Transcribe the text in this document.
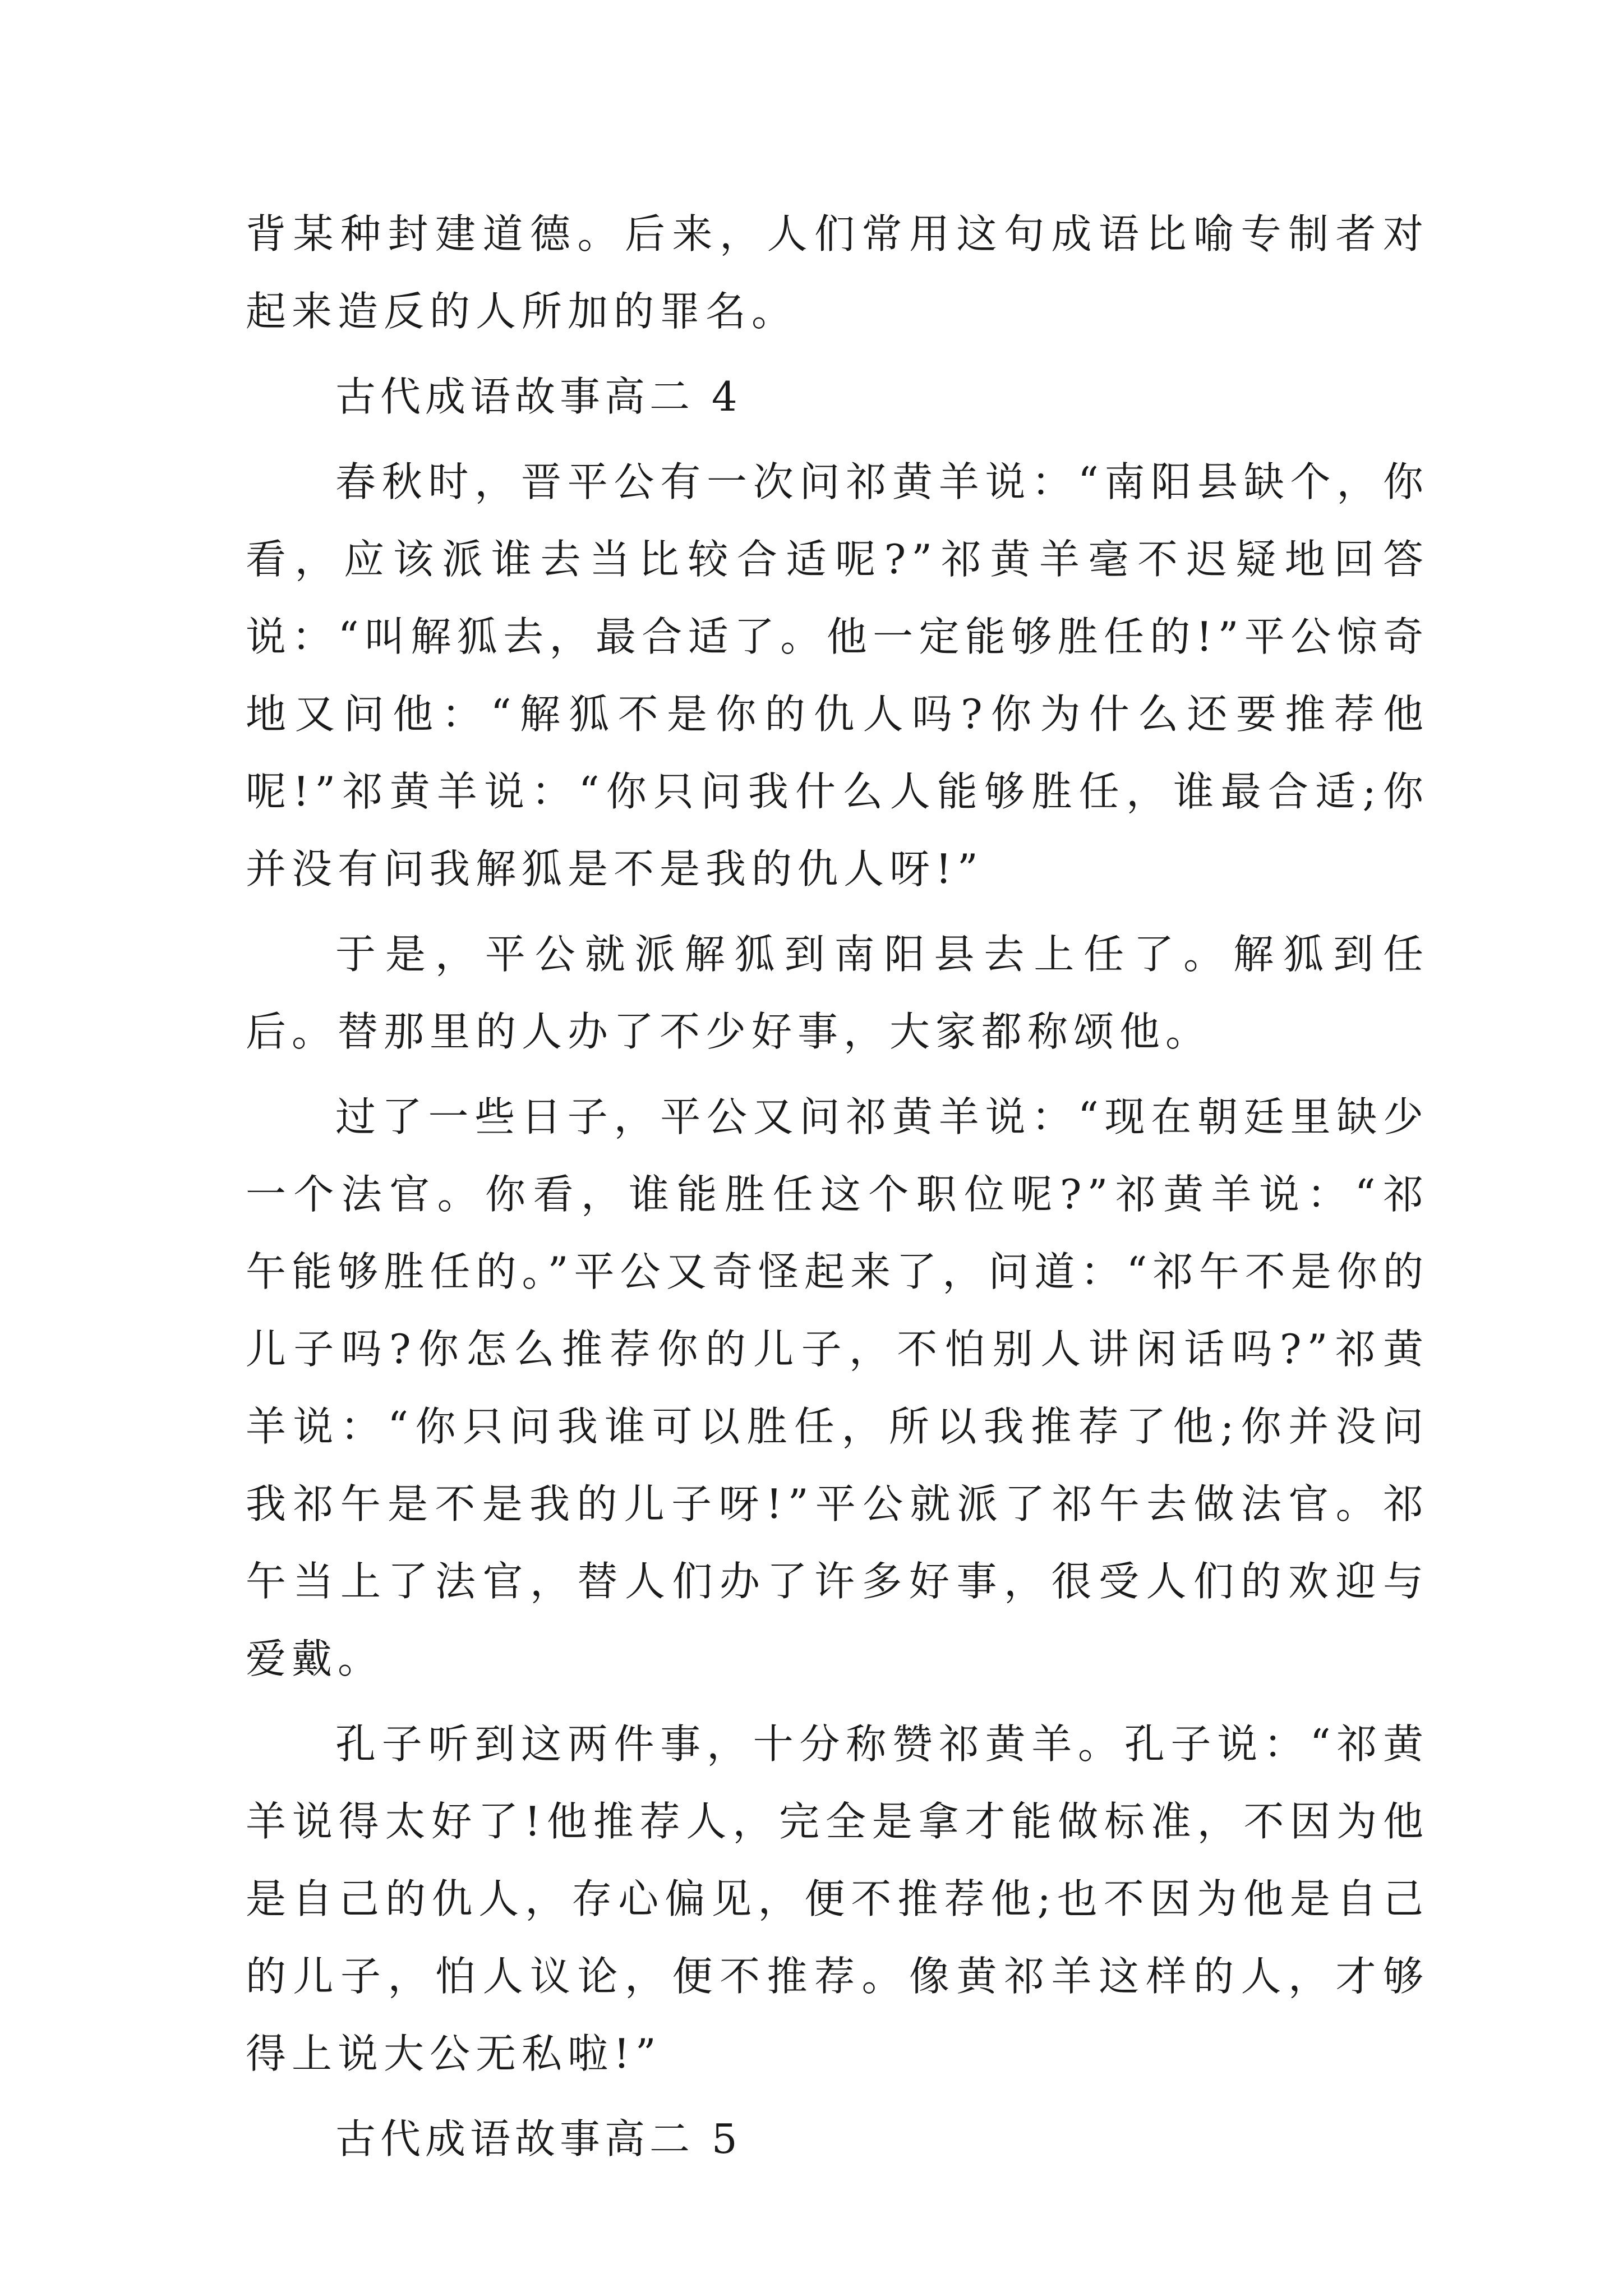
背某种封建道德。后来，人们常用这句成语比喻专制者对起来造反的人所加的罪名。

古代成语故事高二 4

春秋时，晋平公有一次问祁黄羊说：“南阳县缺个，你看，应该派谁去当比较合适呢?”祁黄羊毫不迟疑地回答说：“叫解狐去，最合适了。他一定能够胜任的!”平公惊奇地又问他：“解狐不是你的仇人吗?你为什么还要推荐他呢!”祁黄羊说：“你只问我什么人能够胜任，谁最合适;你并没有问我解狐是不是我的仇人呀!”

于是，平公就派解狐到南阳县去上任了。解狐到任后。替那里的人办了不少好事，大家都称颂他。

过了一些日子，平公又问祁黄羊说：“现在朝廷里缺少一个法官。你看，谁能胜任这个职位呢?”祁黄羊说：“祁午能够胜任的。”平公又奇怪起来了，问道：“祁午不是你的儿子吗?你怎么推荐你的儿子，不怕别人讲闲话吗?”祁黄羊说：“你只问我谁可以胜任，所以我推荐了他;你并没问我祁午是不是我的儿子呀!”平公就派了祁午去做法官。祁午当上了法官，替人们办了许多好事，很受人们的欢迎与爱戴。

孔子听到这两件事，十分称赞祁黄羊。孔子说：“祁黄羊说得太好了!他推荐人，完全是拿才能做标准，不因为他是自己的仇人，存心偏见，便不推荐他;也不因为他是自己的儿子，怕人议论，便不推荐。像黄祁羊这样的人，才够得上说大公无私啦!”

古代成语故事高二 5
